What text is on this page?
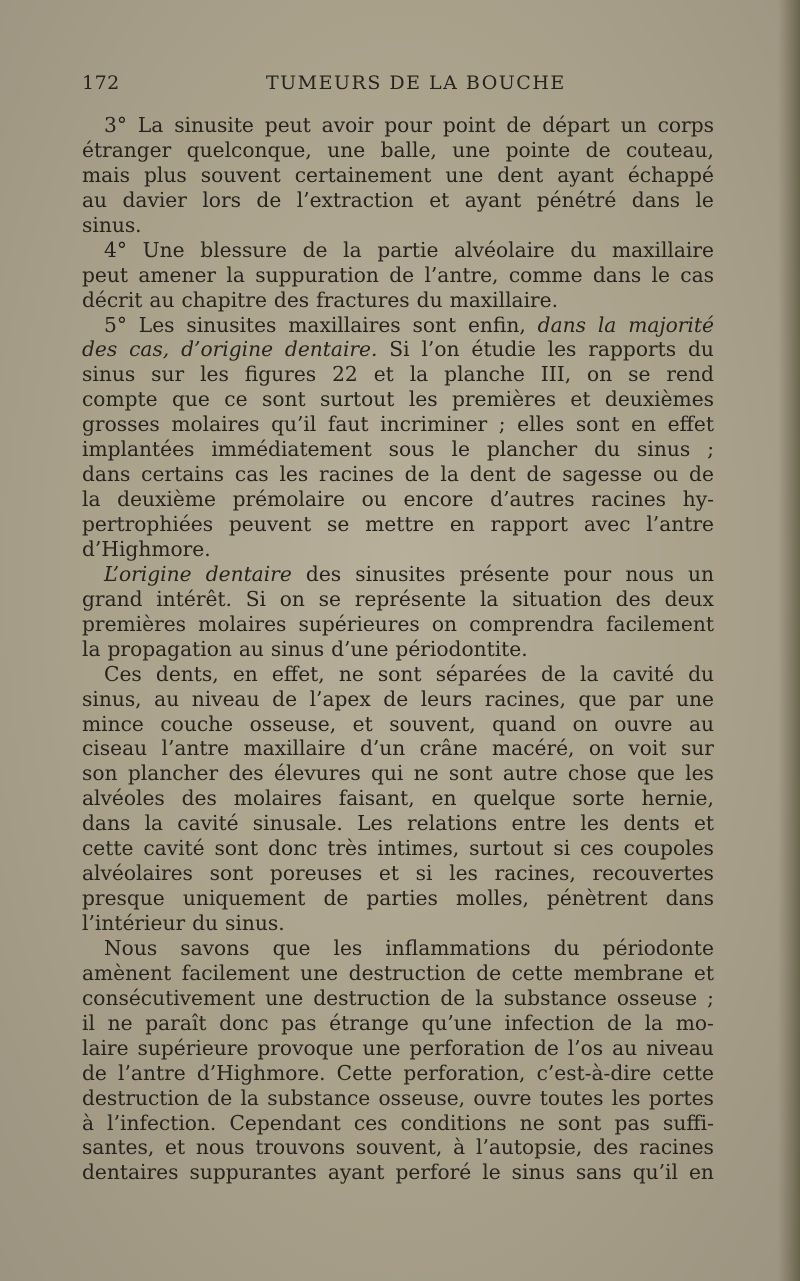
172	TUMEURS DE LA BOUCHE
3° La sinusite peut avoir pour point de départ un corps
étranger quelconque, une balle, une pointe de couteau,
mais plus souvent certainement une dent ayant échappé
au davier lors de l’extraction et ayant pénétré dans le
sinus.
4° Une blessure de la partie alvéolaire du maxillaire
peut amener la suppuration de l’antre, comme dans le cas
décrit au chapitre des fractures du maxillaire.
5° Les sinusites maxillaires sont enfin, dans la majorité
des cas, d’origine dentaire. Si l’on étudie les rapports du
sinus sur les figures 22 et la planche III, on se rend
compte que ce sont surtout les premières et deuxièmes
grosses molaires qu’il faut incriminer ; elles sont en effet
implantées immédiatement sous le plancher du sinus ;
dans certains cas les racines de la dent de sagesse ou de
la deuxième prémolaire ou encore d’autres racines hy-
pertrophiées peuvent se mettre en rapport avec l’antre
d’Highmore.
L’origine dentaire des sinusites présente pour nous un
grand intérêt. Si on se représente la situation des deux
premières molaires supérieures on comprendra facilement
la propagation au sinus d’une périodontite.
Ces dents, en effet, ne sont séparées de la cavité du
sinus, au niveau de l’apex de leurs racines, que par une
mince couche osseuse, et souvent, quand on ouvre au
ciseau l’antre maxillaire d’un crâne macéré, on voit sur
son plancher des élevures qui ne sont autre chose que les
alvéoles des molaires faisant, en quelque sorte hernie,
dans la cavité sinusale. Les relations entre les dents et
cette cavité sont donc très intimes, surtout si ces coupoles
alvéolaires sont poreuses et si les racines, recouvertes
presque uniquement de parties molles, pénètrent dans
l’intérieur du sinus.
Nous savons que les inflammations du périodonte
amènent facilement une destruction de cette membrane et
consécutivement une destruction de la substance osseuse ;
il ne paraît donc pas étrange qu’une infection de la mo-
laire supérieure provoque une perforation de l’os au niveau
de l’antre d’Highmore. Cette perforation, c’est-à-dire cette
destruction de la substance osseuse, ouvre toutes les portes
à l’infection. Cependant ces conditions ne sont pas suffi-
santes, et nous trouvons souvent, à l’autopsie, des racines
dentaires suppurantes ayant perforé le sinus sans qu’il en
